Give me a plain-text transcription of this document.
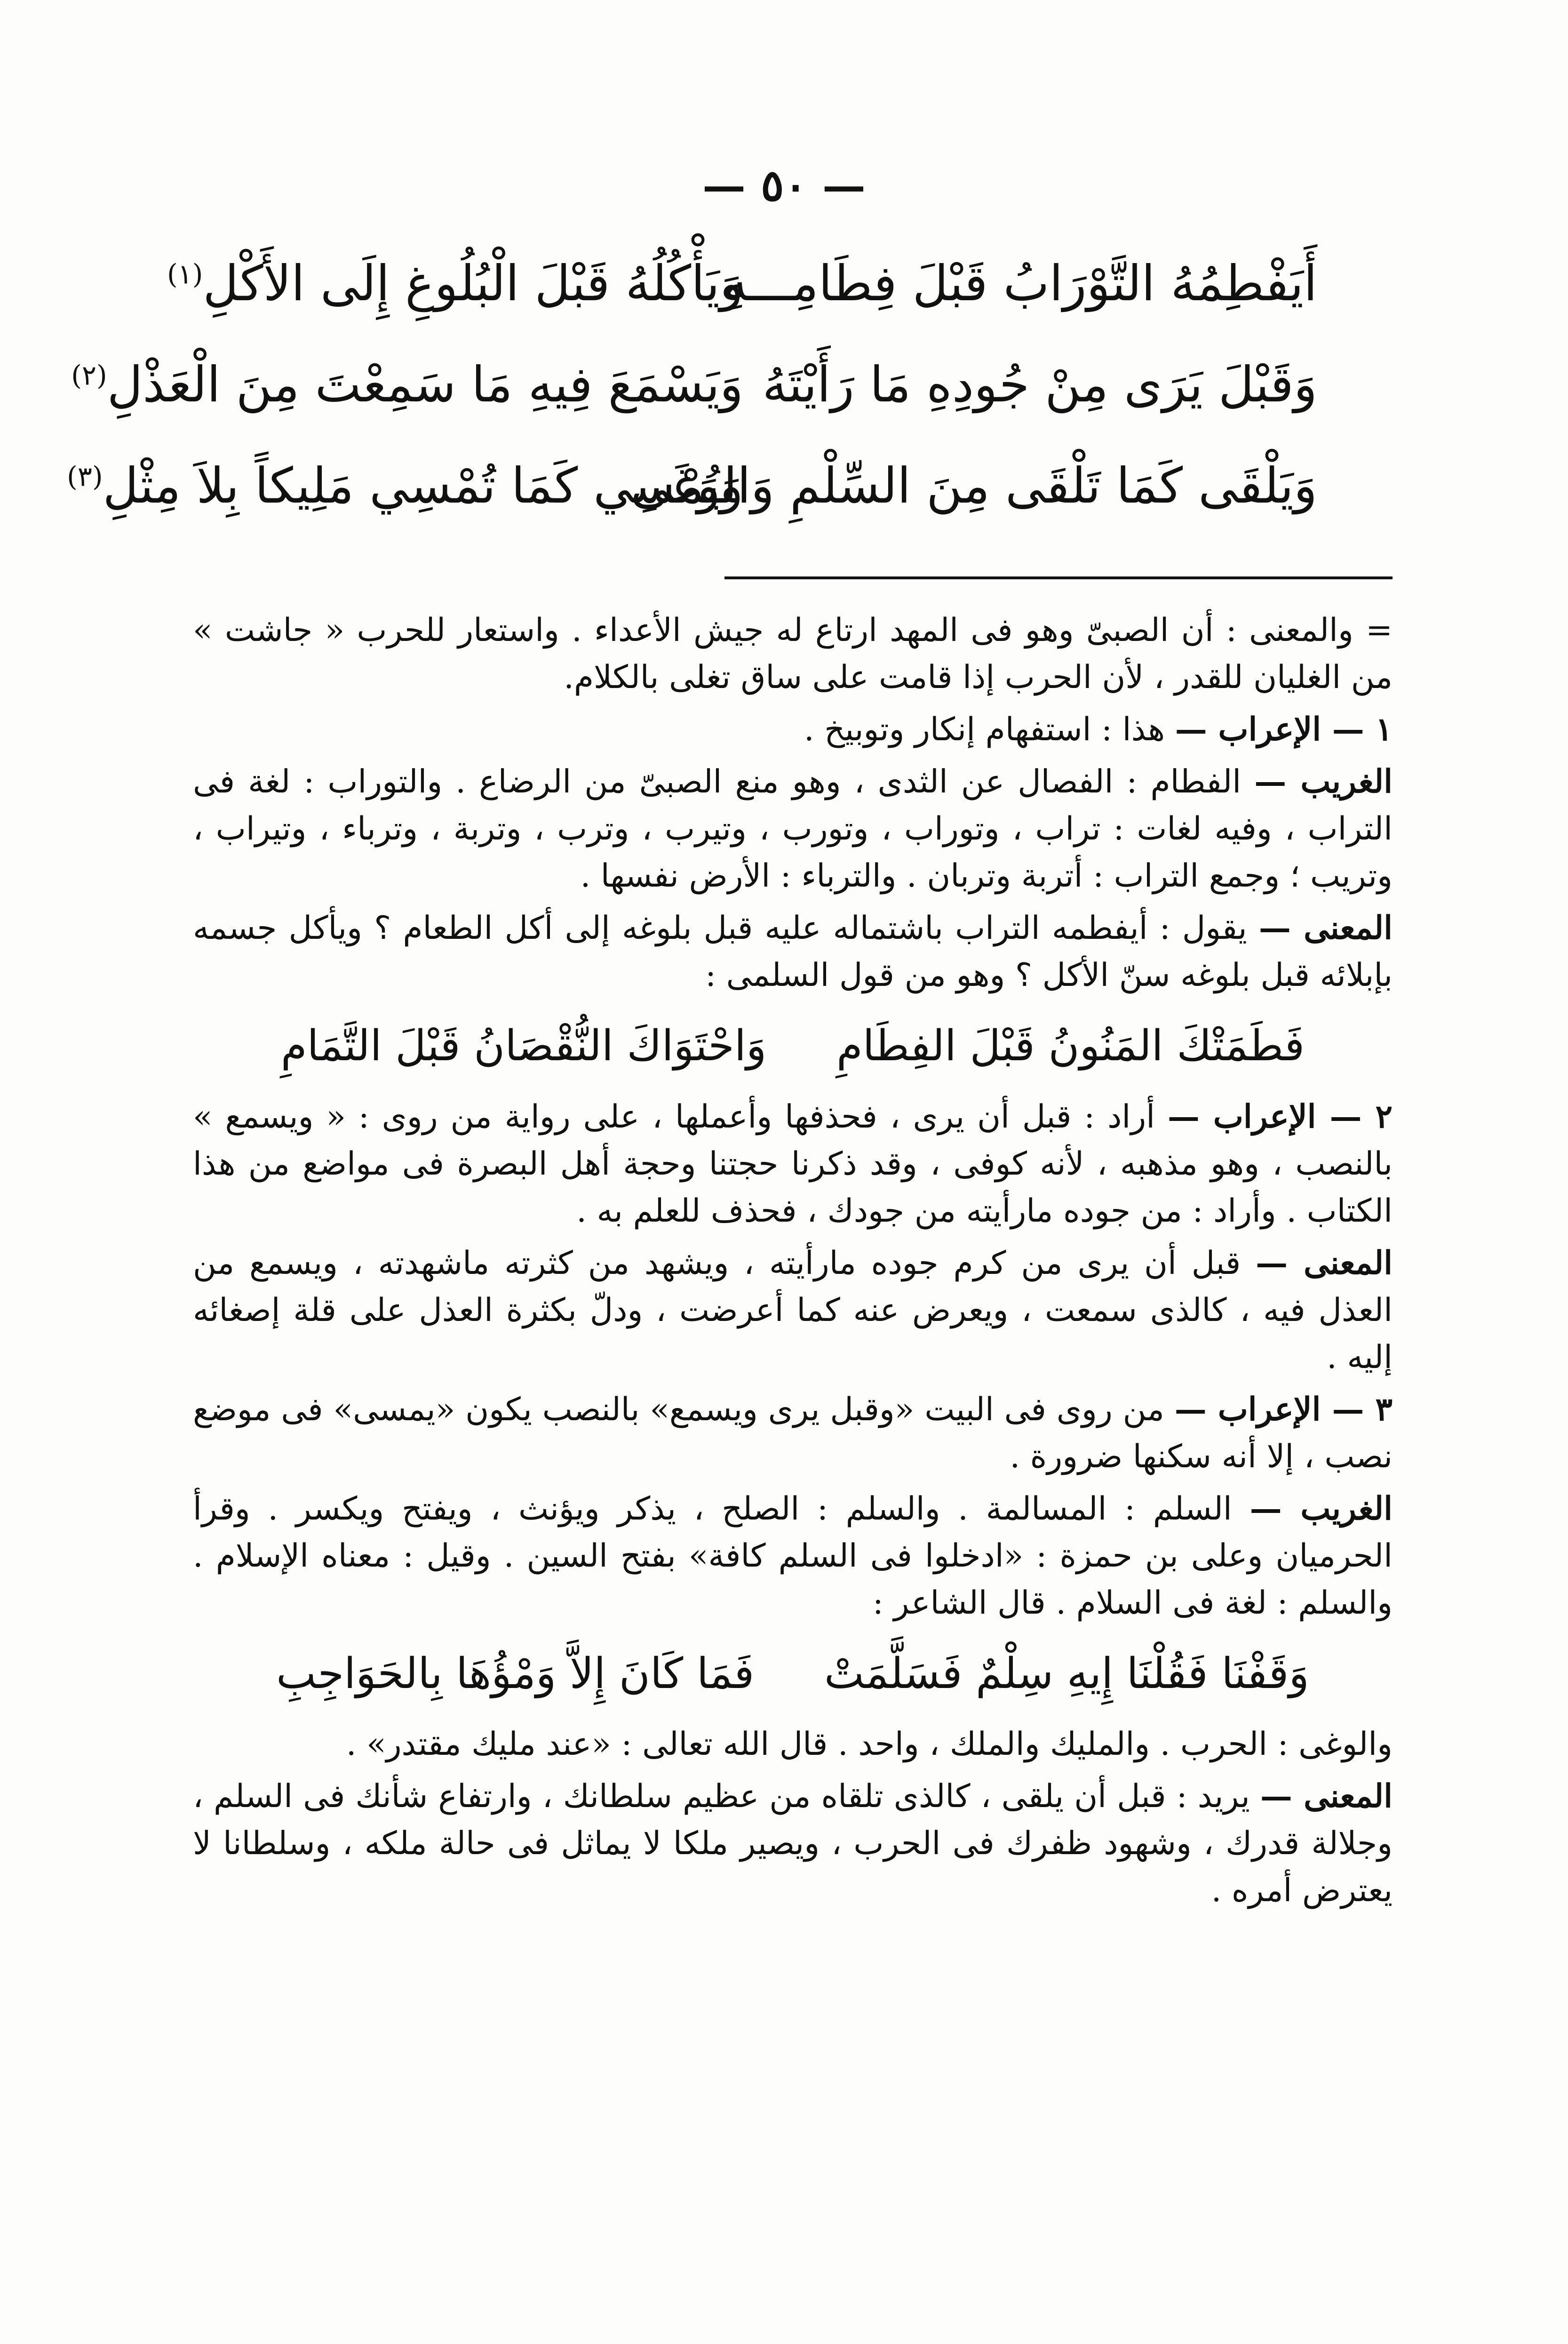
— ٥٠ —
أَيَفْطِمُهُ التَّوْرَابُ قَبْلَ فِطَامِـــهِ
وَيَأْكُلُهُ قَبْلَ الْبُلُوغِ إِلَى الأَكْلِ$^{(١)}$
وَقَبْلَ يَرَى مِنْ جُودِهِ مَا رَأَيْتَهُ
وَيَسْمَعَ فِيهِ مَا سَمِعْتَ مِنَ الْعَذْلِ$^{(٢)}$
وَيَلْقَى كَمَا تَلْقَى مِنَ السِّلْمِ وَالوَغَى
وَيُمْسِي كَمَا تُمْسِي مَلِيكاً بِلاَ مِثْلِ$^{(٣)}$

= والمعنى : أن الصبىّ وهو فى المهد ارتاع له جيش الأعداء . واستعار للحرب « جاشت » من الغليان للقدر ، لأن الحرب إذا قامت على ساق تغلى بالكلام.

١ — الإعراب — هذا : استفهام إنكار وتوبيخ .

الغريب — الفطام : الفصال عن الثدى ، وهو منع الصبىّ من الرضاع . والتوراب : لغة فى التراب ، وفيه لغات : تراب ، وتوراب ، وتورب ، وتيرب ، وترب ، وتربة ، وترباء ، وتيراب ، وتريب ؛ وجمع التراب : أتربة وتربان . والترباء : الأرض نفسها .

المعنى — يقول : أيفطمه التراب باشتماله عليه قبل بلوغه إلى أكل الطعام ؟ ويأكل جسمه بإبلائه قبل بلوغه سنّ الأكل ؟ وهو من قول السلمى :

فَطَمَتْكَ المَنُونُ قَبْلَ الفِطَامِ وَاحْتَوَاكَ النُّقْصَانُ قَبْلَ التَّمَامِ

٢ — الإعراب — أراد : قبل أن يرى ، فحذفها وأعملها ، على رواية من روى : « ويسمع » بالنصب ، وهو مذهبه ، لأنه كوفى ، وقد ذكرنا حجتنا وحجة أهل البصرة فى مواضع من هذا الكتاب . وأراد : من جوده مارأيته من جودك ، فحذف للعلم به .

المعنى — قبل أن يرى من كرم جوده مارأيته ، ويشهد من كثرته ماشهدته ، ويسمع من العذل فيه ، كالذى سمعت ، ويعرض عنه كما أعرضت ، ودلّ بكثرة العذل على قلة إصغائه إليه .

٣ — الإعراب — من روى فى البيت «وقبل يرى ويسمع» بالنصب يكون «يمسى» فى موضع نصب ، إلا أنه سكنها ضرورة .

الغريب — السلم : المسالمة . والسلم : الصلح ، يذكر ويؤنث ، ويفتح ويكسر . وقرأ الحرميان وعلى بن حمزة : «ادخلوا فى السلم كافة» بفتح السين . وقيل : معناه الإسلام . والسلم : لغة فى السلام . قال الشاعر :

وَقَفْنَا فَقُلْنَا إِيهِ سِلْمٌ فَسَلَّمَتْ فَمَا كَانَ إِلاَّ وَمْؤُهَا بِالحَوَاجِبِ

والوغى : الحرب . والمليك والملك ، واحد . قال الله تعالى : «عند مليك مقتدر» .

المعنى — يريد : قبل أن يلقى ، كالذى تلقاه من عظيم سلطانك ، وارتفاع شأنك فى السلم ، وجلالة قدرك ، وشهود ظفرك فى الحرب ، ويصير ملكا لا يماثل فى حالة ملكه ، وسلطانا لا يعترض أمره .
